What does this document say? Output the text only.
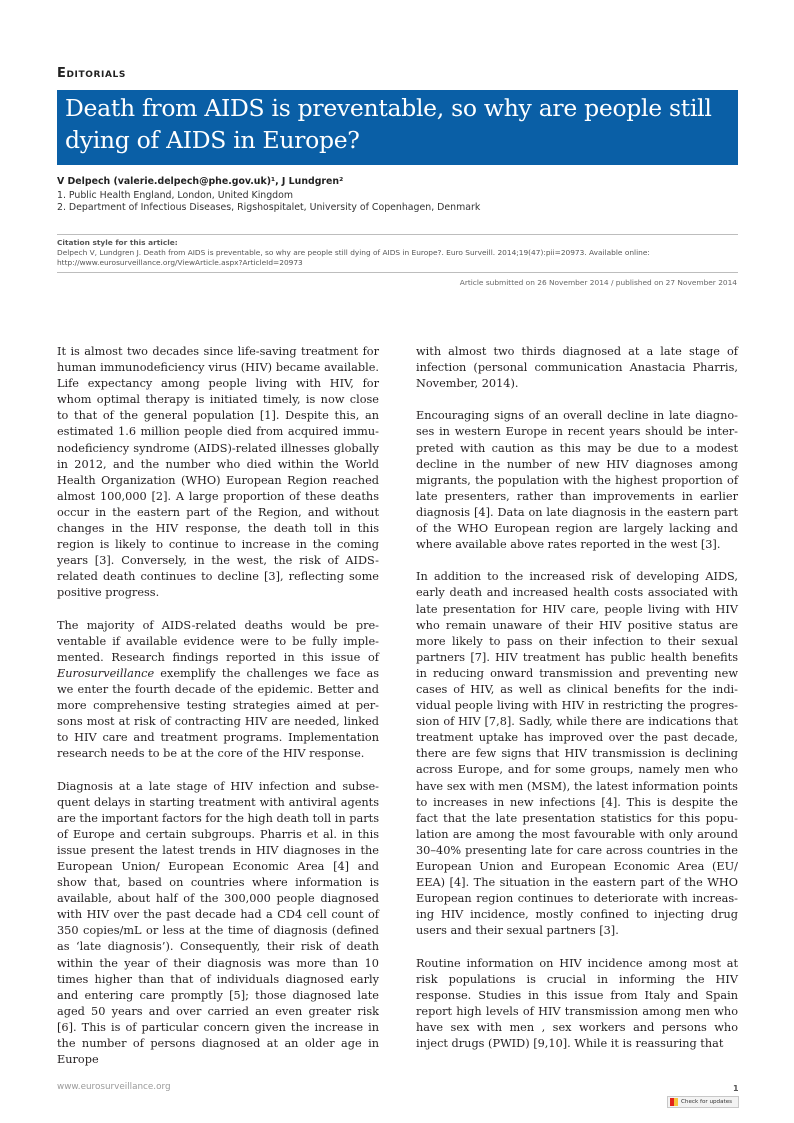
Editorials
Death from AIDS is preventable, so why are people still
dying of AIDS in Europe?
V Delpech (valerie.delpech@phe.gov.uk)¹, J Lundgren²
1. Public Health England, London, United Kingdom
2. Department of Infectious Diseases, Rigshospitalet, University of Copenhagen, Denmark
Citation style for this article:
Delpech V, Lundgren J. Death from AIDS is preventable, so why are people still dying of AIDS in Europe?. Euro Surveill. 2014;19(47):pii=20973. Available online:
http://www.eurosurveillance.org/ViewArticle.aspx?ArticleId=20973
Article submitted on 26 November 2014 / published on 27 November 2014

It is almost two decades since life-saving treatment for human immunodeficiency virus (HIV) became available. Life expectancy among people living with HIV, for whom optimal therapy is initiated timely, is now close to that of the general population [1]. Despite this, an estimated 1.6 million people died from acquired immunodeficiency syndrome (AIDS)-related illnesses globally in 2012, and the number who died within the World Health Organization (WHO) European Region reached almost 100,000 [2]. A large proportion of these deaths occur in the eastern part of the Region, and without changes in the HIV response, the death toll in this region is likely to continue to increase in the coming years [3]. Conversely, in the west, the risk of AIDS-related death continues to decline [3], reflecting some positive progress.

The majority of AIDS-related deaths would be preventable if available evidence were to be fully implemented. Research findings reported in this issue of Eurosurveillance exemplify the challenges we face as we enter the fourth decade of the epidemic. Better and more comprehensive testing strategies aimed at persons most at risk of contracting HIV are needed, linked to HIV care and treatment programs. Implementation research needs to be at the core of the HIV response.

Diagnosis at a late stage of HIV infection and subsequent delays in starting treatment with antiviral agents are the important factors for the high death toll in parts of Europe and certain subgroups. Pharris et al. in this issue present the latest trends in HIV diagnoses in the European Union/ European Economic Area [4] and show that, based on countries where information is available, about half of the 300,000 people diagnosed with HIV over the past decade had a CD4 cell count of 350 copies/mL or less at the time of diagnosis (defined as ‘late diagnosis’). Consequently, their risk of death within the year of their diagnosis was more than 10 times higher than that of individuals diagnosed early and entering care promptly [5]; those diagnosed late aged 50 years and over carried an even greater risk [6]. This is of particular concern given the increase in the number of persons diagnosed at an older age in Europe

with almost two thirds diagnosed at a late stage of infection (personal communication Anastacia Pharris, November, 2014).

Encouraging signs of an overall decline in late diagnoses in western Europe in recent years should be interpreted with caution as this may be due to a modest decline in the number of new HIV diagnoses among migrants, the population with the highest proportion of late presenters, rather than improvements in earlier diagnosis [4]. Data on late diagnosis in the eastern part of the WHO European region are largely lacking and where available above rates reported in the west [3].

In addition to the increased risk of developing AIDS, early death and increased health costs associated with late presentation for HIV care, people living with HIV who remain unaware of their HIV positive status are more likely to pass on their infection to their sexual partners [7]. HIV treatment has public health benefits in reducing onward transmission and preventing new cases of HIV, as well as clinical benefits for the individual people living with HIV in restricting the progression of HIV [7,8]. Sadly, while there are indications that treatment uptake has improved over the past decade, there are few signs that HIV transmission is declining across Europe, and for some groups, namely men who have sex with men (MSM), the latest information points to increases in new infections [4]. This is despite the fact that the late presentation statistics for this population are among the most favourable with only around 30–40% presenting late for care across countries in the European Union and European Economic Area (EU/ EEA) [4]. The situation in the eastern part of the WHO European region continues to deteriorate with increasing HIV incidence, mostly confined to injecting drug users and their sexual partners [3].

Routine information on HIV incidence among most at risk populations is crucial in informing the HIV response. Studies in this issue from Italy and Spain report high levels of HIV transmission among men who have sex with men , sex workers and persons who inject drugs (PWID) [9,10]. While it is reassuring that

www.eurosurveillance.org	1
Check for updates
